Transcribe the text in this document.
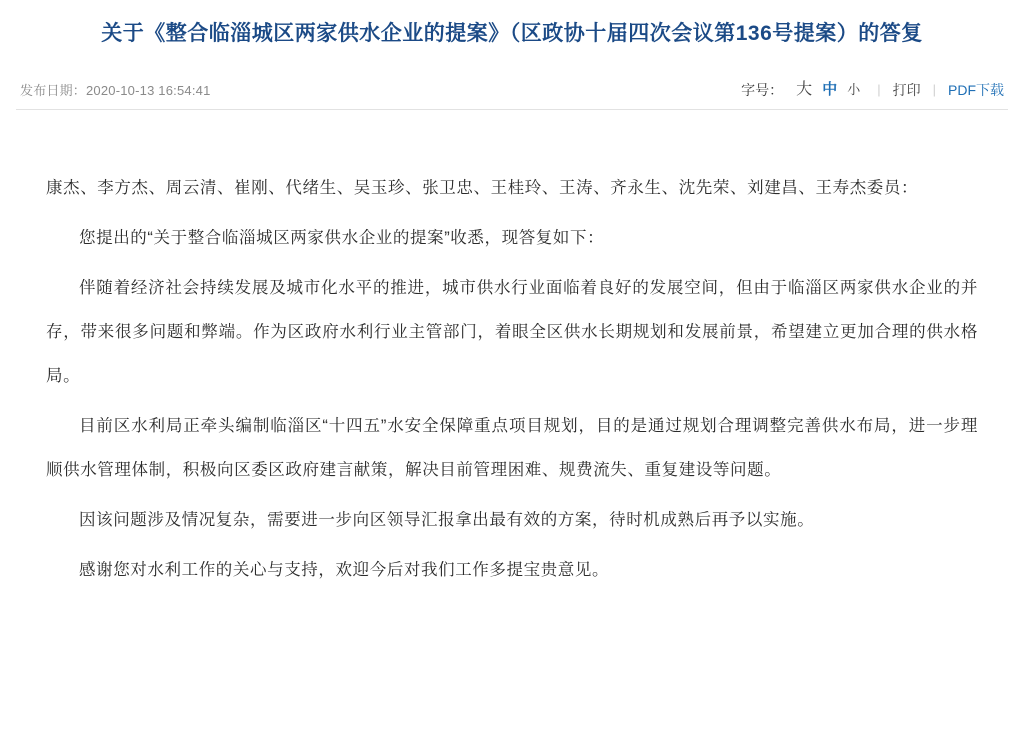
关于《整合临淄城区两家供水企业的提案》（区政协十届四次会议第136号提案）的答复
发布日期：2020-10-13 16:54:41	字号： 大 中 小 | 打印 | PDF下载

康杰、李方杰、周云清、崔刚、代绪生、吴玉珍、张卫忠、王桂玲、王涛、齐永生、沈先荣、刘建昌、王寿杰委员：

您提出的“关于整合临淄城区两家供水企业的提案”收悉，现答复如下：

伴随着经济社会持续发展及城市化水平的推进，城市供水行业面临着良好的发展空间，但由于临淄区两家供水企业的并存，带来很多问题和弊端。作为区政府水利行业主管部门，着眼全区供水长期规划和发展前景，希望建立更加合理的供水格局。

目前区水利局正牵头编制临淄区“十四五”水安全保障重点项目规划，目的是通过规划合理调整完善供水布局，进一步理顺供水管理体制，积极向区委区政府建言献策，解决目前管理困难、规费流失、重复建设等问题。

因该问题涉及情况复杂，需要进一步向区领导汇报拿出最有效的方案，待时机成熟后再予以实施。

感谢您对水利工作的关心与支持，欢迎今后对我们工作多提宝贵意见。
